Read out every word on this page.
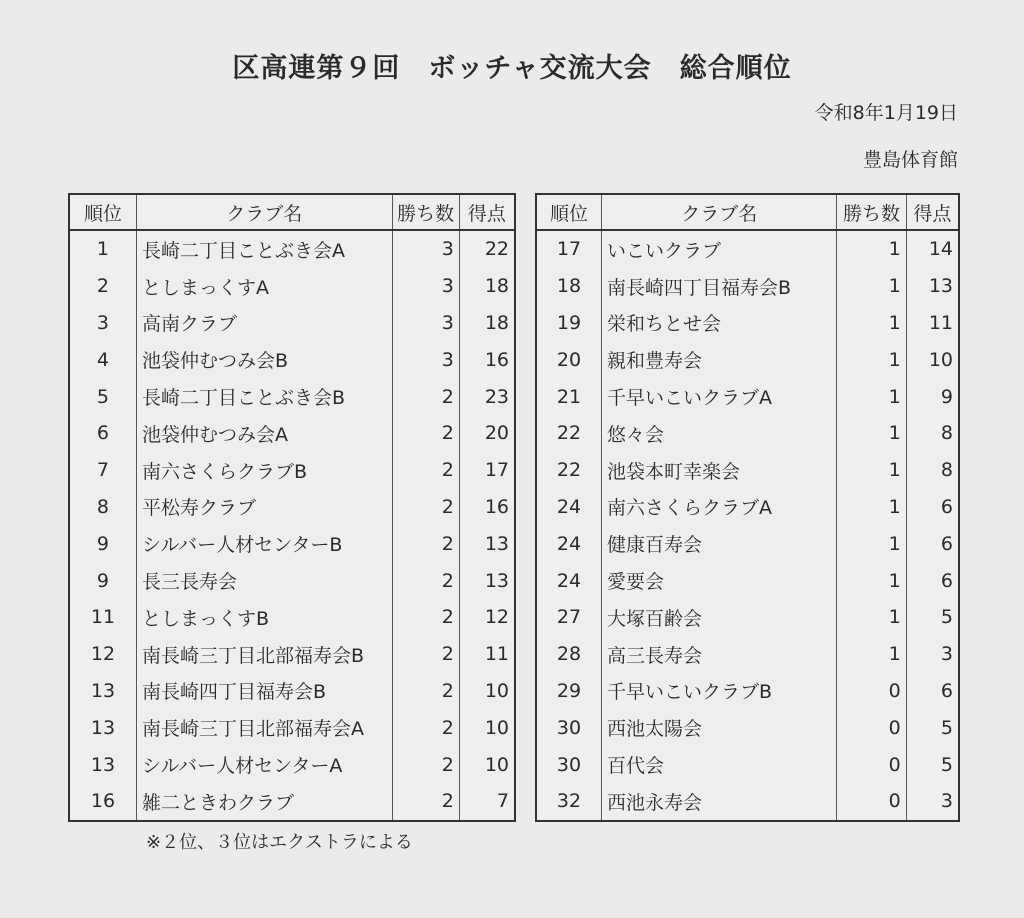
区高連第９回　ボッチャ交流大会　総合順位
令和8年1月19日
豊島体育館
順位	クラブ名	勝ち数	得点
1	長崎二丁目ことぶき会A	3	22
2	としまっくすA	3	18
3	高南クラブ	3	18
4	池袋仲むつみ会B	3	16
5	長崎二丁目ことぶき会B	2	23
6	池袋仲むつみ会A	2	20
7	南六さくらクラブB	2	17
8	平松寿クラブ	2	16
9	シルバー人材センターB	2	13
9	長三長寿会	2	13
11	としまっくすB	2	12
12	南長崎三丁目北部福寿会B	2	11
13	南長崎四丁目福寿会B	2	10
13	南長崎三丁目北部福寿会A	2	10
13	シルバー人材センターA	2	10
16	雑二ときわクラブ	2	7
順位	クラブ名	勝ち数	得点
17	いこいクラブ	1	14
18	南長崎四丁目福寿会B	1	13
19	栄和ちとせ会	1	11
20	親和豊寿会	1	10
21	千早いこいクラブA	1	9
22	悠々会	1	8
22	池袋本町幸楽会	1	8
24	南六さくらクラブA	1	6
24	健康百寿会	1	6
24	愛要会	1	6
27	大塚百齢会	1	5
28	高三長寿会	1	3
29	千早いこいクラブB	0	6
30	西池太陽会	0	5
30	百代会	0	5
32	西池永寿会	0	3
※２位、３位はエクストラによる
